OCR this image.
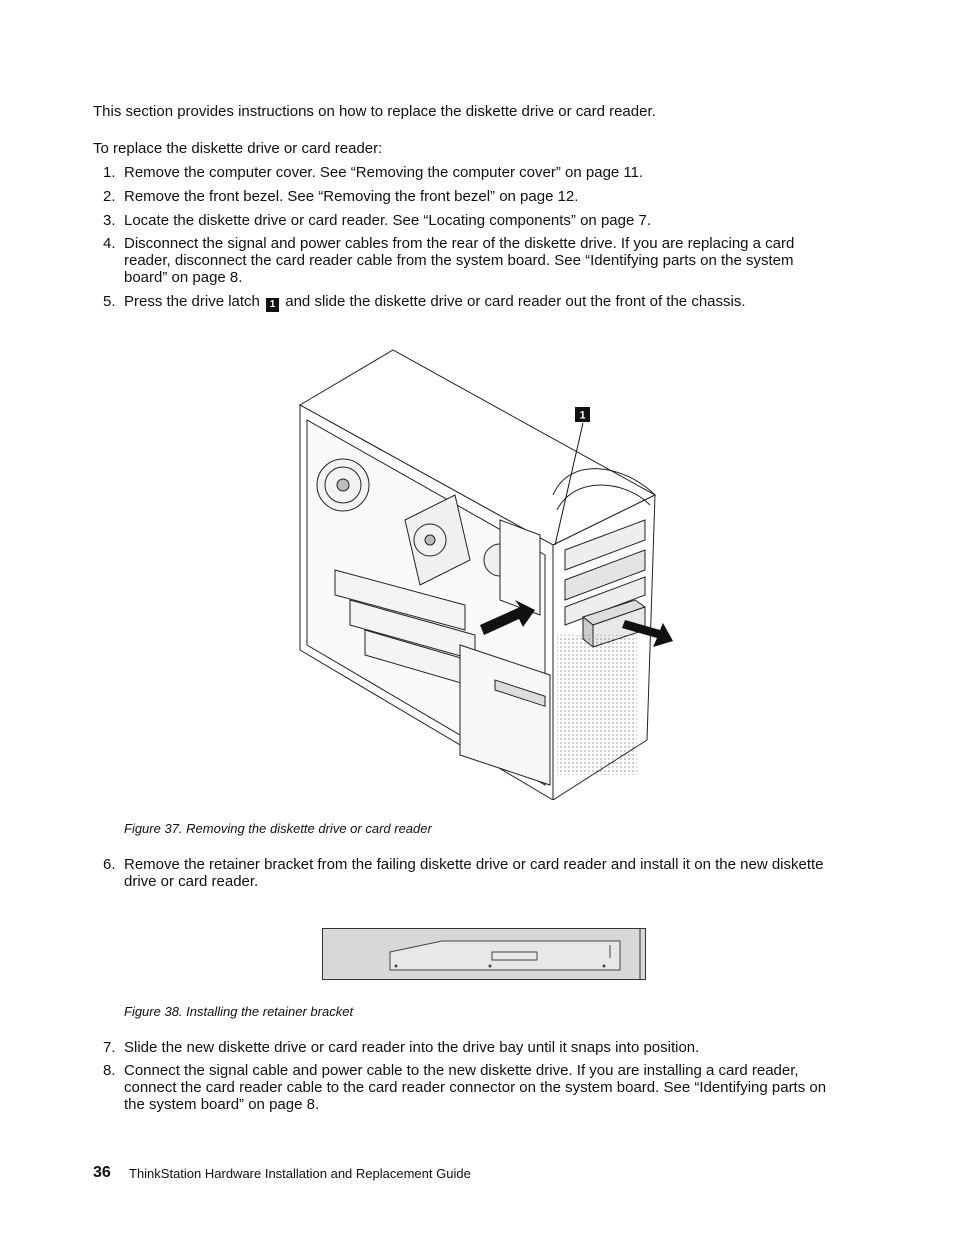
This section provides instructions on how to replace the diskette drive or card reader.
To replace the diskette drive or card reader:
1. Remove the computer cover. See “Removing the computer cover” on page 11.
2. Remove the front bezel. See “Removing the front bezel” on page 12.
3. Locate the diskette drive or card reader. See “Locating components” on page 7.
4. Disconnect the signal and power cables from the rear of the diskette drive. If you are replacing a card reader, disconnect the card reader cable from the system board. See “Identifying parts on the system board” on page 8.
5. Press the drive latch 1 and slide the diskette drive or card reader out the front of the chassis.
1
Figure 37. Removing the diskette drive or card reader
6. Remove the retainer bracket from the failing diskette drive or card reader and install it on the new diskette drive or card reader.
Figure 38. Installing the retainer bracket
7. Slide the new diskette drive or card reader into the drive bay until it snaps into position.
8. Connect the signal cable and power cable to the new diskette drive. If you are installing a card reader, connect the card reader cable to the card reader connector on the system board. See “Identifying parts on the system board” on page 8.
36 ThinkStation Hardware Installation and Replacement Guide
